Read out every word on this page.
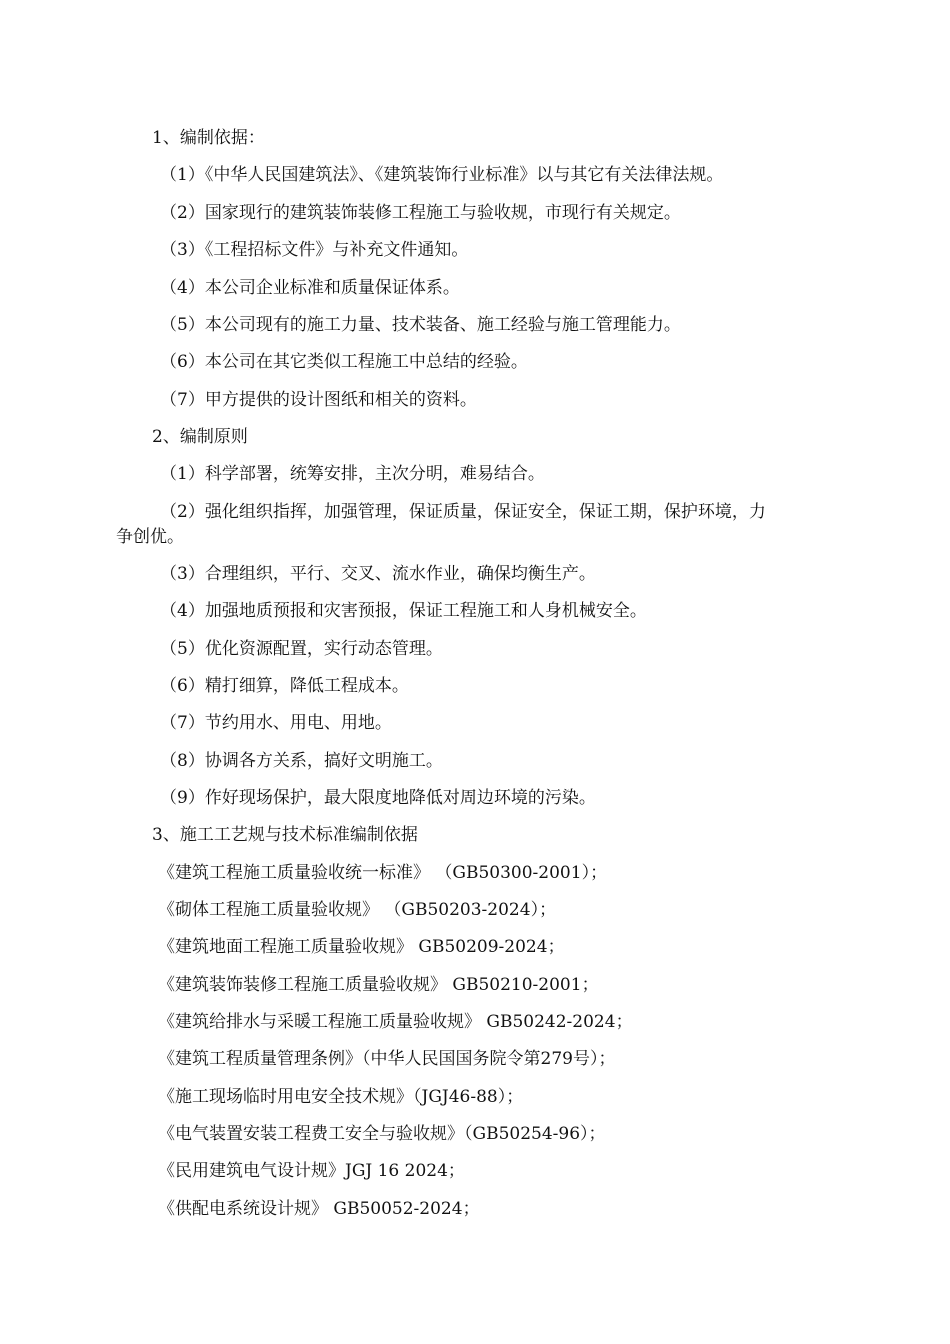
1、编制依据：
（1）《中华人民国建筑法》、《建筑装饰行业标准》以与其它有关法律法规。
（2）国家现行的建筑装饰装修工程施工与验收规，市现行有关规定。
（3）《工程招标文件》与补充文件通知。
（4）本公司企业标准和质量保证体系。
（5）本公司现有的施工力量、技术装备、施工经验与施工管理能力。
（6）本公司在其它类似工程施工中总结的经验。
（7）甲方提供的设计图纸和相关的资料。
2、编制原则
（1）科学部署，统筹安排，主次分明，难易结合。
（2）强化组织指挥，加强管理，保证质量，保证安全，保证工期，保护环境，力
争创优。
（3）合理组织，平行、交叉、流水作业，确保均衡生产。
（4）加强地质预报和灾害预报，保证工程施工和人身机械安全。
（5）优化资源配置，实行动态管理。
（6）精打细算，降低工程成本。
（7）节约用水、用电、用地。
（8）协调各方关系，搞好文明施工。
（9）作好现场保护，最大限度地降低对周边环境的污染。
3、施工工艺规与技术标准编制依据
《建筑工程施工质量验收统一标准》 （GB50300-2001）；
《砌体工程施工质量验收规》 （GB50203-2024）；
《建筑地面工程施工质量验收规》 GB50209-2024；
《建筑装饰装修工程施工质量验收规》 GB50210-2001；
《建筑给排水与采暖工程施工质量验收规》 GB50242-2024；
《建筑工程质量管理条例》（中华人民国国务院令第279号）；
《施工现场临时用电安全技术规》（JGJ46-88）；
《电气装置安装工程费工安全与验收规》（GB50254-96）；
《民用建筑电气设计规》JGJ 16 2024；
《供配电系统设计规》 GB50052-2024；
